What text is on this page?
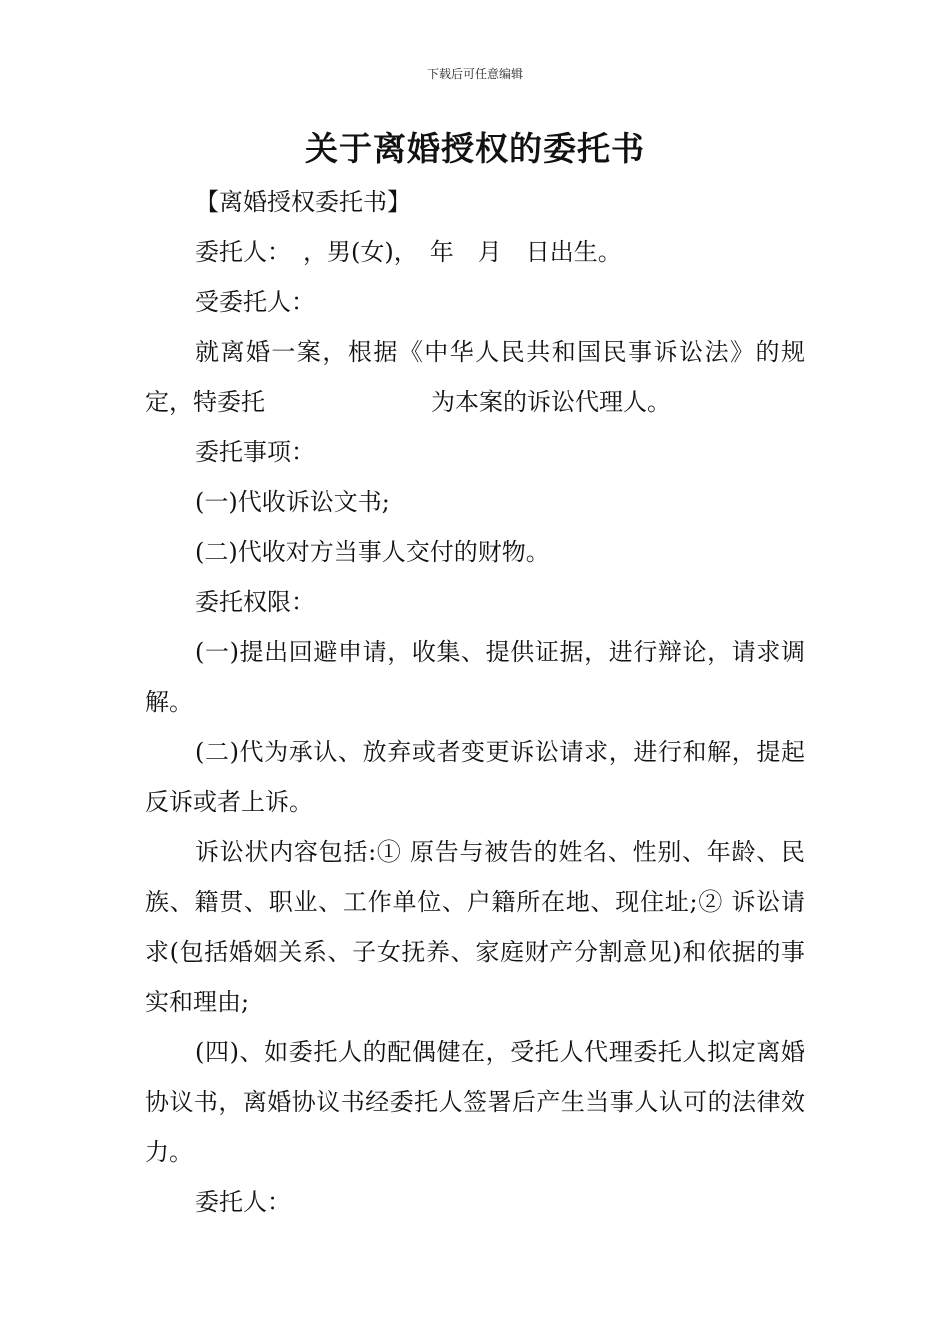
下载后可任意编辑
关于离婚授权的委托书

【离婚授权委托书】

委托人：　，男(女)，　年　月　日出生。

受委托人：

就离婚一案，根据《中华人民共和国民事诉讼法》的规定，特委托	为本案的诉讼代理人。

委托事项：

(一)代收诉讼文书;

(二)代收对方当事人交付的财物。

委托权限：

(一)提出回避申请，收集、提供证据，进行辩论，请求调解。

(二)代为承认、放弃或者变更诉讼请求，进行和解，提起反诉或者上诉。

诉讼状内容包括:① 原告与被告的姓名、性别、年龄、民族、籍贯、职业、工作单位、户籍所在地、现住址;② 诉讼请求(包括婚姻关系、子女抚养、家庭财产分割意见)和依据的事实和理由;

(四)、如委托人的配偶健在，受托人代理委托人拟定离婚协议书，离婚协议书经委托人签署后产生当事人认可的法律效力。

委托人：
